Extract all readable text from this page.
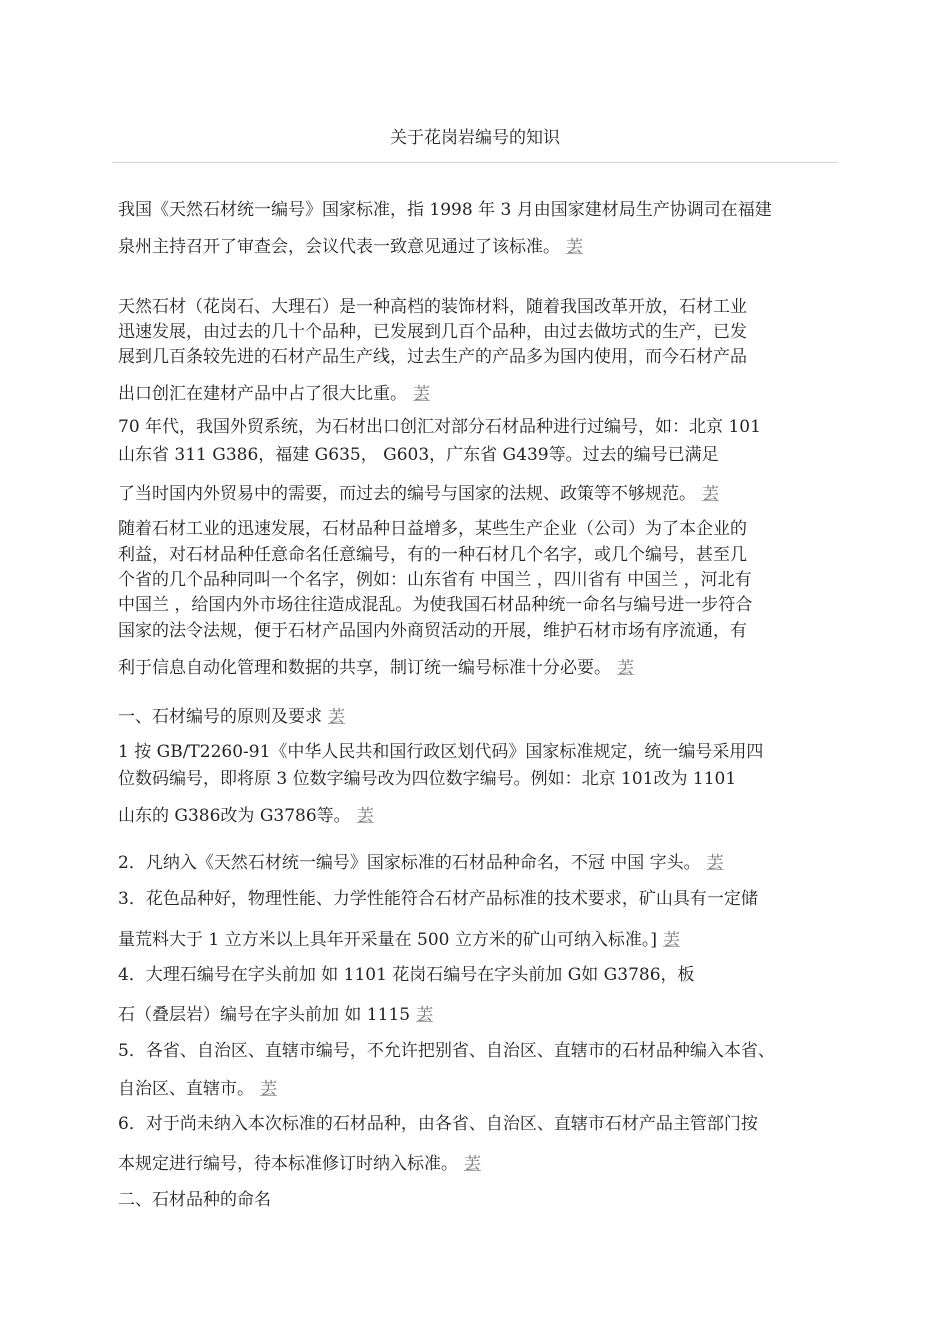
关于花岗岩编号的知识
我国《天然石材统一编号》国家标准，指 1998 年 3 月由国家建材局生产协调司在福建
泉州主持召开了审查会，会议代表一致意见通过了该标准。 䒧
天然石材（花岗石、大理石）是一种高档的装饰材料，随着我国改革开放，石材工业
迅速发展，由过去的几十个品种，已发展到几百个品种，由过去做坊式的生产，已发
展到几百条较先进的石材产品生产线，过去生产的产品多为国内使用，而今石材产品
出口创汇在建材产品中占了很大比重。 䒧
70 年代，我国外贸系统，为石材出口创汇对部分石材品种进行过编号，如：北京 101
山东省 311 G386，福建 G635， G603，广东省 G439等。过去的编号已满足
了当时国内外贸易中的需要，而过去的编号与国家的法规、政策等不够规范。 䒧
随着石材工业的迅速发展，石材品种日益增多，某些生产企业（公司）为了本企业的
利益，对石材品种任意命名任意编号，有的一种石材几个名字，或几个编号，甚至几
个省的几个品种同叫一个名字，例如：山东省有 中国兰 ，四川省有 中国兰 ，河北有
中国兰 ，给国内外市场往往造成混乱。为使我国石材品种统一命名与编号进一步符合
国家的法令法规，便于石材产品国内外商贸活动的开展，维护石材市场有序流通，有
利于信息自动化管理和数据的共享，制订统一编号标准十分必要。 䒧
一、石材编号的原则及要求 䒧
1 按 GB/T2260-91《中华人民共和国行政区划代码》国家标准规定，统一编号采用四
位数码编号，即将原 3 位数字编号改为四位数字编号。例如：北京 101改为 1101
山东的 G386改为 G3786等。 䒧
2．凡纳入《天然石材统一编号》国家标准的石材品种命名，不冠 中国 字头。 䒧
3．花色品种好，物理性能、力学性能符合石材产品标准的技术要求，矿山具有一定储
量荒料大于 1 立方米以上具年开采量在 500 立方米的矿山可纳入标准。] 䒧
4．大理石编号在字头前加 如 1101 花岗石编号在字头前加 G如 G3786，板
石（叠层岩）编号在字头前加 如 1115 䒧
5．各省、自治区、直辖市编号，不允许把别省、自治区、直辖市的石材品种编入本省、
自治区、直辖市。 䒧
6．对于尚未纳入本次标准的石材品种，由各省、自治区、直辖市石材产品主管部门按
本规定进行编号，待本标准修订时纳入标准。 䒧
二、石材品种的命名
